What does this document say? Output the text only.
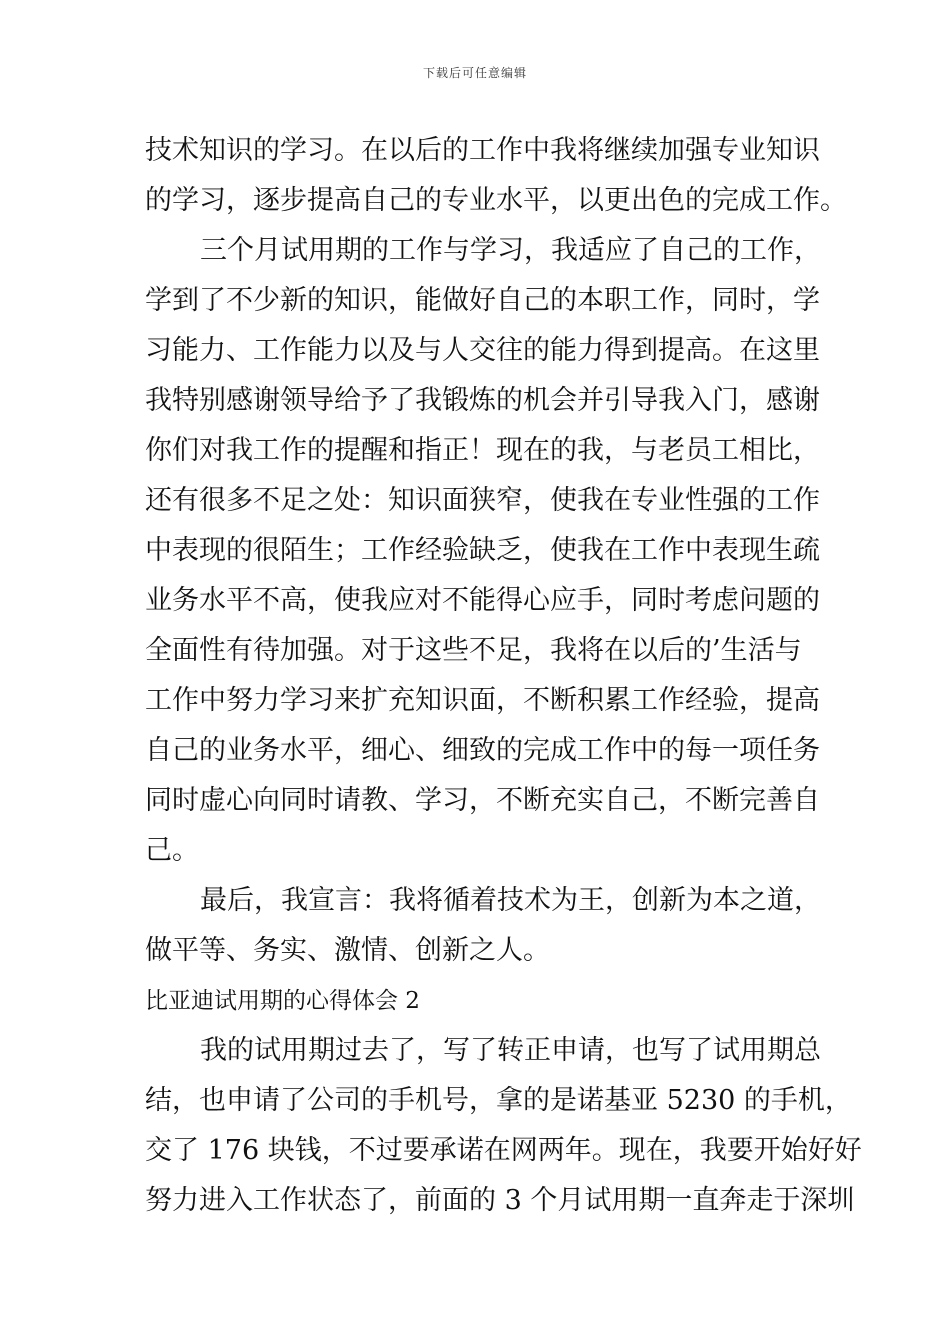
下载后可任意编辑
技术知识的学习。在以后的工作中我将继续加强专业知识
的学习，逐步提高自己的专业水平，以更出色的完成工作。
三个月试用期的工作与学习，我适应了自己的工作，
学到了不少新的知识，能做好自己的本职工作，同时，学
习能力、工作能力以及与人交往的能力得到提高。在这里
我特别感谢领导给予了我锻炼的机会并引导我入门，感谢
你们对我工作的提醒和指正！现在的我，与老员工相比，
还有很多不足之处：知识面狭窄，使我在专业性强的工作
中表现的很陌生；工作经验缺乏，使我在工作中表现生疏
业务水平不高，使我应对不能得心应手，同时考虑问题的
全面性有待加强。对于这些不足，我将在以后的’生活与
工作中努力学习来扩充知识面，不断积累工作经验，提高
自己的业务水平，细心、细致的完成工作中的每一项任务
同时虚心向同时请教、学习，不断充实自己，不断完善自
己。
最后，我宣言：我将循着技术为王，创新为本之道，
做平等、务实、激情、创新之人。
比亚迪试用期的心得体会 2
我的试用期过去了，写了转正申请，也写了试用期总
结，也申请了公司的手机号，拿的是诺基亚 5230 的手机，
交了 176 块钱，不过要承诺在网两年。现在，我要开始好好
努力进入工作状态了，前面的 3 个月试用期一直奔走于深圳
